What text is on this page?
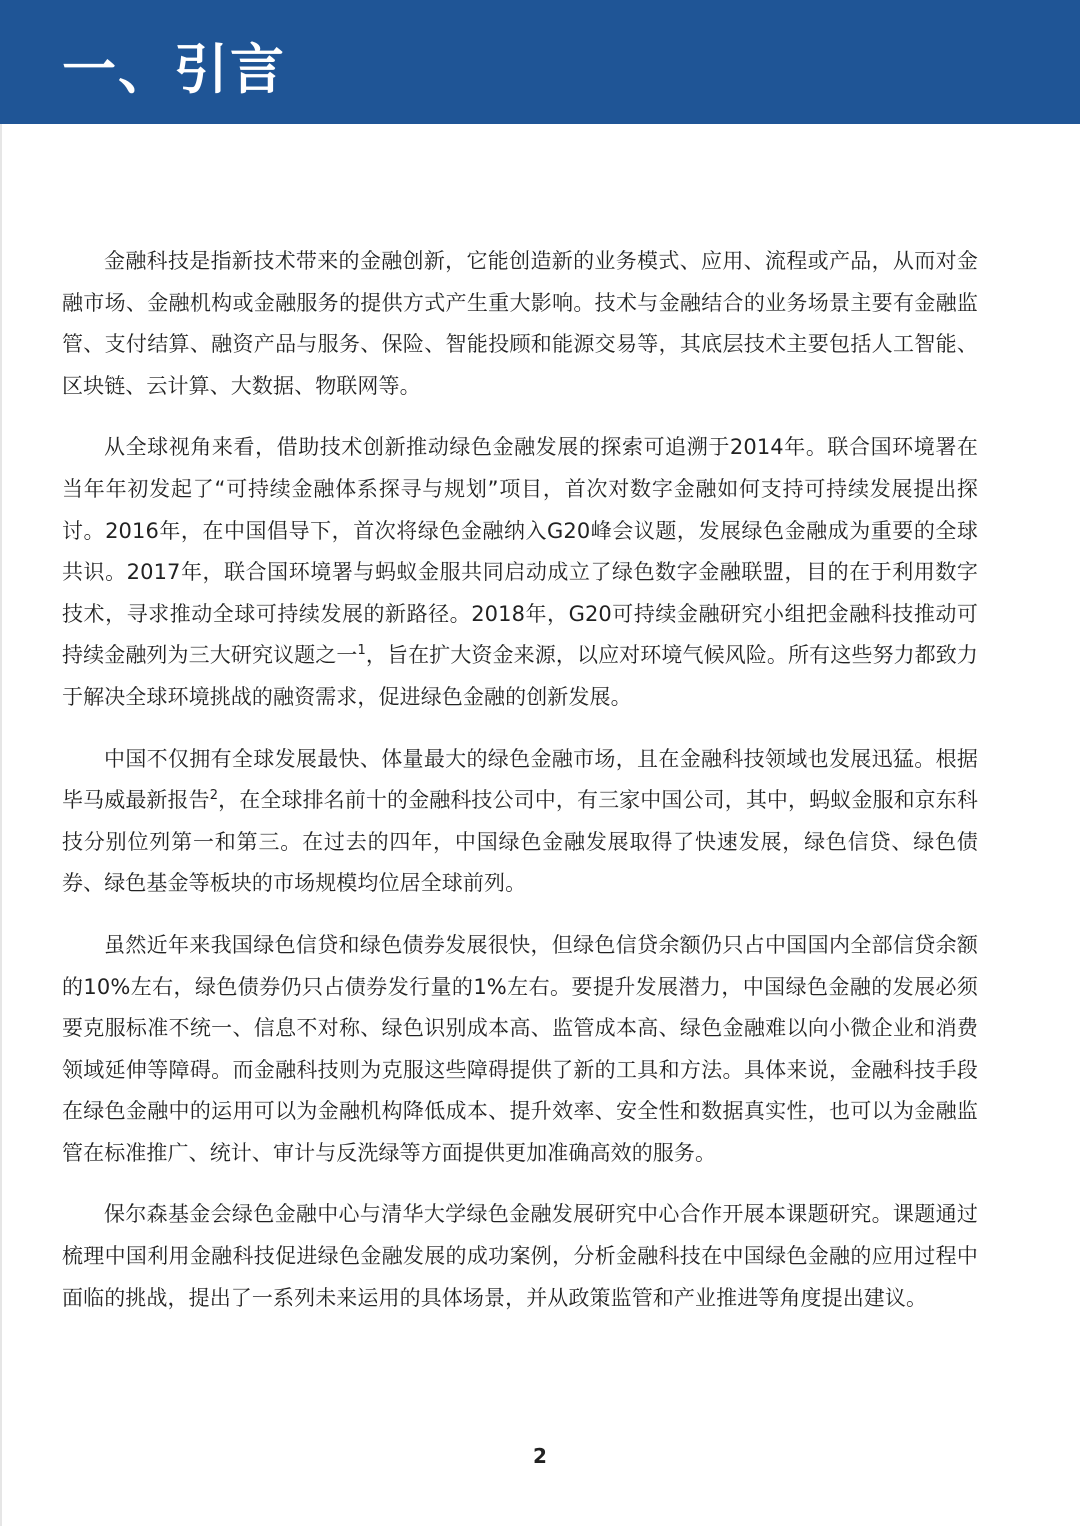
一、引言

金融科技是指新技术带来的金融创新，它能创造新的业务模式、应用、流程或产品，从而对金融市场、金融机构或金融服务的提供方式产生重大影响。技术与金融结合的业务场景主要有金融监管、支付结算、融资产品与服务、保险、智能投顾和能源交易等，其底层技术主要包括人工智能、区块链、云计算、大数据、物联网等。

从全球视角来看，借助技术创新推动绿色金融发展的探索可追溯于2014年。联合国环境署在当年年初发起了“可持续金融体系探寻与规划”项目，首次对数字金融如何支持可持续发展提出探讨。2016年，在中国倡导下，首次将绿色金融纳入G20峰会议题，发展绿色金融成为重要的全球共识。2017年，联合国环境署与蚂蚁金服共同启动成立了绿色数字金融联盟，目的在于利用数字技术，寻求推动全球可持续发展的新路径。2018年，G20可持续金融研究小组把金融科技推动可持续金融列为三大研究议题之一$^1$，旨在扩大资金来源，以应对环境气候风险。所有这些努力都致力于解决全球环境挑战的融资需求，促进绿色金融的创新发展。

中国不仅拥有全球发展最快、体量最大的绿色金融市场，且在金融科技领域也发展迅猛。根据毕马威最新报告$^2$，在全球排名前十的金融科技公司中，有三家中国公司，其中，蚂蚁金服和京东科技分别位列第一和第三。在过去的四年，中国绿色金融发展取得了快速发展，绿色信贷、绿色债券、绿色基金等板块的市场规模均位居全球前列。

虽然近年来我国绿色信贷和绿色债券发展很快，但绿色信贷余额仍只占中国国内全部信贷余额的10%左右，绿色债券仍只占债券发行量的1%左右。要提升发展潜力，中国绿色金融的发展必须要克服标准不统一、信息不对称、绿色识别成本高、监管成本高、绿色金融难以向小微企业和消费领域延伸等障碍。而金融科技则为克服这些障碍提供了新的工具和方法。具体来说，金融科技手段在绿色金融中的运用可以为金融机构降低成本、提升效率、安全性和数据真实性，也可以为金融监管在标准推广、统计、审计与反洗绿等方面提供更加准确高效的服务。

保尔森基金会绿色金融中心与清华大学绿色金融发展研究中心合作开展本课题研究。课题通过梳理中国利用金融科技促进绿色金融发展的成功案例，分析金融科技在中国绿色金融的应用过程中面临的挑战，提出了一系列未来运用的具体场景，并从政策监管和产业推进等角度提出建议。

2
